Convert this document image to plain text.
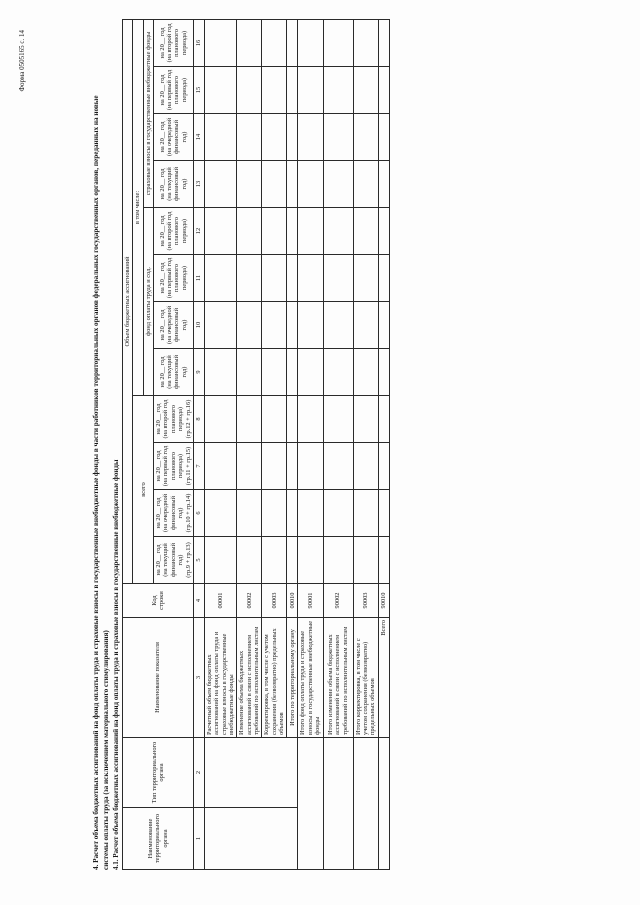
Форма 0505165 с. 14
4. Расчет объема бюджетных ассигнований на фонд оплаты труда и страховые взносы в государственные внебюджетные фонды в части работников территориальных органов федеральных государственных органов, переданных на новые системы оплаты труда (за исключением материального стимулирования) 4.1. Расчет объема бюджетных ассигнований на фонд оплаты труда и страховые взносы в государственные внебюджетные фонды	Наименование территориального органа	Тип территориального органа	Наименование показателя	Код строки	Объем бюджетных ассигнований											
				всего				в том числе:							
								фонд оплаты труда и сод.				страховые взносы в государственные внебюджетные фонды			

				на 20__ год (на текущий финансовый год) (гр.9 + гр.13)	на 20__ год (на очередной финансовый год) (гр.10 + гр.14)	на 20__ год (на первый год планового периода) (гр.11 + гр.15)	на 20__ год (на второй год планового периода) (гр.12 + гр.16)	на 20__ год (на текущий финансовый год)	на 20__ год (на очередной финансовый год)	на 20__ год (на первый год планового периода)	на 20__ год (на второй год планового периода)	на 20__ год (на текущий финансовый год)	на 20__ год (на очередной финансовый год)	на 20__ год (на первый год планового периода)	на 20__ год (на второй год планового периода)

1	2	3	4	5	6	7	8	9	10	11	12	13	14	15	16
		Расчетный объем бюджетных ассигнований на фонд оплаты труда и страховые взносы в государственные внебюджетные фонды	00001												
		Изменение объема бюджетных ассигнований в связи с исполнением требований по исполнительным листам	00002												
		Корректировка, в том числе с учетом сохранения (безвозвратно) предельных объемов	00003												
		Итого по территориальному органу	00010												
		Итого фонд оплаты труда и страховые взносы в государственные внебюджетные фонды	90001												
		Итого изменение объема бюджетных ассигнований в связи с исполнением требований по исполнительным листам	90002												
		Итого корректировка, в том числе с учетом сохранения (безвозвратно) предельных объемов	90003												
		Всего	90010												
